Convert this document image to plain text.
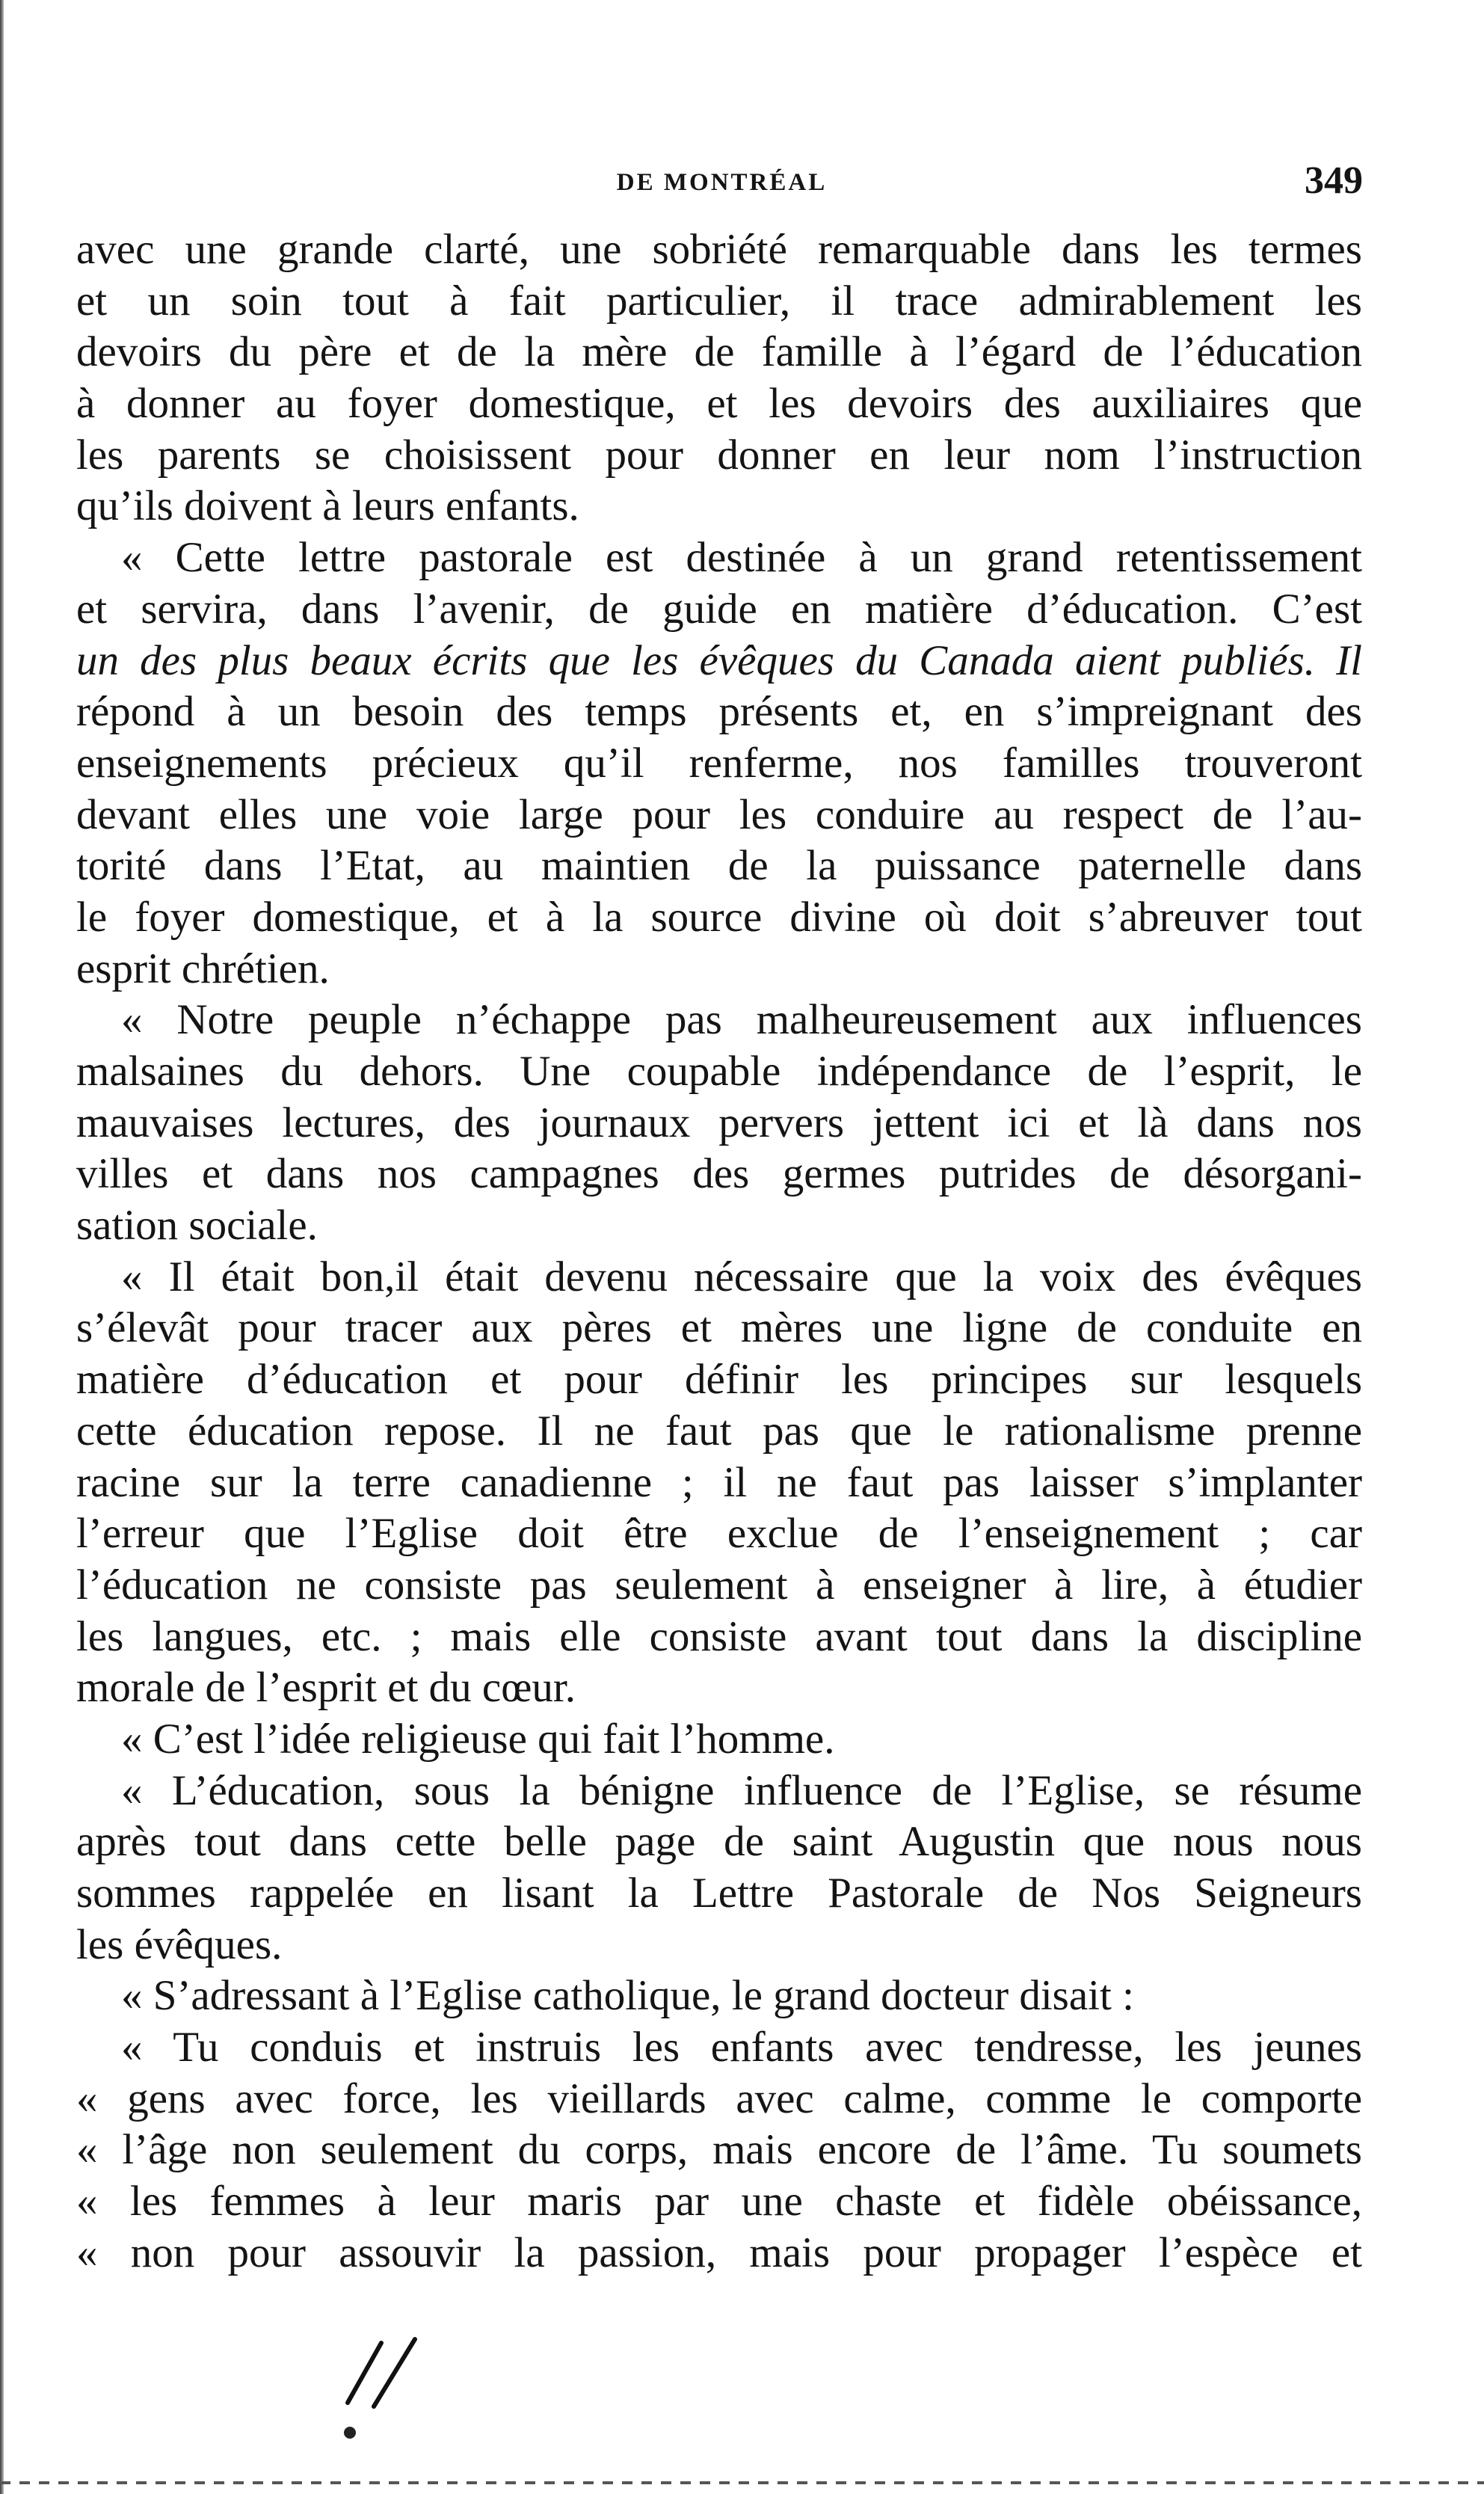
DE MONTRÉAL	349
avec une grande clarté, une sobriété remarquable dans les termes
et un soin tout à fait particulier, il trace admirablement les
devoirs du père et de la mère de famille à l’égard de l’éducation
à donner au foyer domestique, et les devoirs des auxiliaires que
les parents se choisissent pour donner en leur nom l’instruction
qu’ils doivent à leurs enfants.
« Cette lettre pastorale est destinée à un grand retentissement
et servira, dans l’avenir, de guide en matière d’éducation. C’est
un des plus beaux écrits que les évêques du Canada aient publiés. Il
répond à un besoin des temps présents et, en s’impreignant des
enseignements précieux qu’il renferme, nos familles trouveront
devant elles une voie large pour les conduire au respect de l’au-
torité dans l’Etat, au maintien de la puissance paternelle dans
le foyer domestique, et à la source divine où doit s’abreuver tout
esprit chrétien.
« Notre peuple n’échappe pas malheureusement aux influences
malsaines du dehors. Une coupable indépendance de l’esprit, le
mauvaises lectures, des journaux pervers jettent ici et là dans nos
villes et dans nos campagnes des germes putrides de désorgani-
sation sociale.
« Il était bon,il était devenu nécessaire que la voix des évêques
s’élevât pour tracer aux pères et mères une ligne de conduite en
matière d’éducation et pour définir les principes sur lesquels
cette éducation repose. Il ne faut pas que le rationalisme prenne
racine sur la terre canadienne ; il ne faut pas laisser s’implanter
l’erreur que l’Eglise doit être exclue de l’enseignement ; car
l’éducation ne consiste pas seulement à enseigner à lire, à étudier
les langues, etc. ; mais elle consiste avant tout dans la discipline
morale de l’esprit et du cœur.
« C’est l’idée religieuse qui fait l’homme.
« L’éducation, sous la bénigne influence de l’Eglise, se résume
après tout dans cette belle page de saint Augustin que nous nous
sommes rappelée en lisant la Lettre Pastorale de Nos Seigneurs
les évêques.
« S’adressant à l’Eglise catholique, le grand docteur disait :
« Tu conduis et instruis les enfants avec tendresse, les jeunes
« gens avec force, les vieillards avec calme, comme le comporte
« l’âge non seulement du corps, mais encore de l’âme. Tu soumets
« les femmes à leur maris par une chaste et fidèle obéissance,
« non pour assouvir la passion, mais pour propager l’espèce et
